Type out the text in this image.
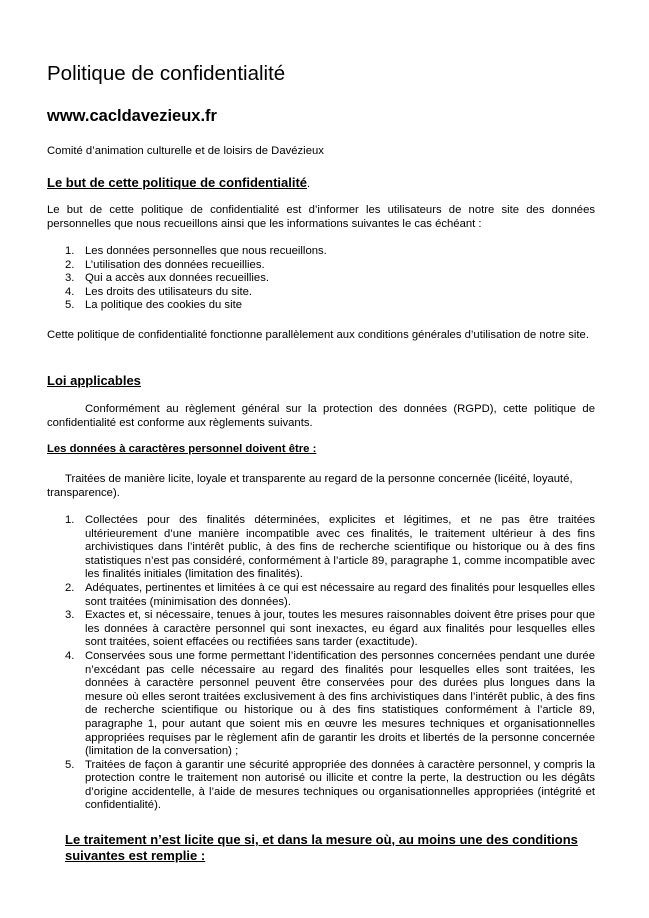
Politique de confidentialité
www.cacldavezieux.fr
Comité d’animation culturelle et de loisirs de Davézieux
Le but de cette politique de confidentialité.

Le but de cette politique de confidentialité est d’informer les utilisateurs de notre site des données personnelles que nous recueillons ainsi que les informations suivantes le cas échéant :

1. Les données personnelles que nous recueillons.
2. L’utilisation des données recueillies.
3. Qui a accès aux données recueillies.
4. Les droits des utilisateurs du site.
5. La politique des cookies du site

Cette politique de confidentialité fonctionne parallèlement aux conditions générales d’utilisation de notre site.

Loi applicables

Conformément au règlement général sur la protection des données (RGPD), cette politique de confidentialité est conforme aux règlements suivants.

Les données à caractères personnel doivent être :

Traitées de manière licite, loyale et transparente au regard de la personne concernée (licéité, loyauté, transparence).

1. Collectées pour des finalités déterminées, explicites et légitimes, et ne pas être traitées ultérieurement d’une manière incompatible avec ces finalités, le traitement ultérieur à des fins archivistiques dans l’intérêt public, à des fins de recherche scientifique ou historique ou à des fins statistiques n’est pas considéré, conformément à l’article 89, paragraphe 1, comme incompatible avec les finalités initiales (limitation des finalités).
2. Adéquates, pertinentes et limitées à ce qui est nécessaire au regard des finalités pour lesquelles elles sont traitées (minimisation des données).
3. Exactes et, si nécessaire, tenues à jour, toutes les mesures raisonnables doivent être prises pour que les données à caractère personnel qui sont inexactes, eu égard aux finalités pour lesquelles elles sont traitées, soient effacées ou rectifiées sans tarder (exactitude).
4. Conservées sous une forme permettant l’identification des personnes concernées pendant une durée n’excédant pas celle nécessaire au regard des finalités pour lesquelles elles sont traitées, les données à caractère personnel peuvent être conservées pour des durées plus longues dans la mesure où elles seront traitées exclusivement à des fins archivistiques dans l’intérêt public, à des fins de recherche scientifique ou historique ou à des fins statistiques conformément à l’article 89, paragraphe 1, pour autant que soient mis en œuvre les mesures techniques et organisationnelles appropriées requises par le règlement afin de garantir les droits et libertés de la personne concernée (limitation de la conversation) ;
5. Traitées de façon à garantir une sécurité appropriée des données à caractère personnel, y compris la protection contre le traitement non autorisé ou illicite et contre la perte, la destruction ou les dégâts d’origine accidentelle, à l’aide de mesures techniques ou organisationnelles appropriées (intégrité et confidentialité).
Le traitement n’est licite que si, et dans la mesure où, au moins une des conditions suivantes est remplie :
